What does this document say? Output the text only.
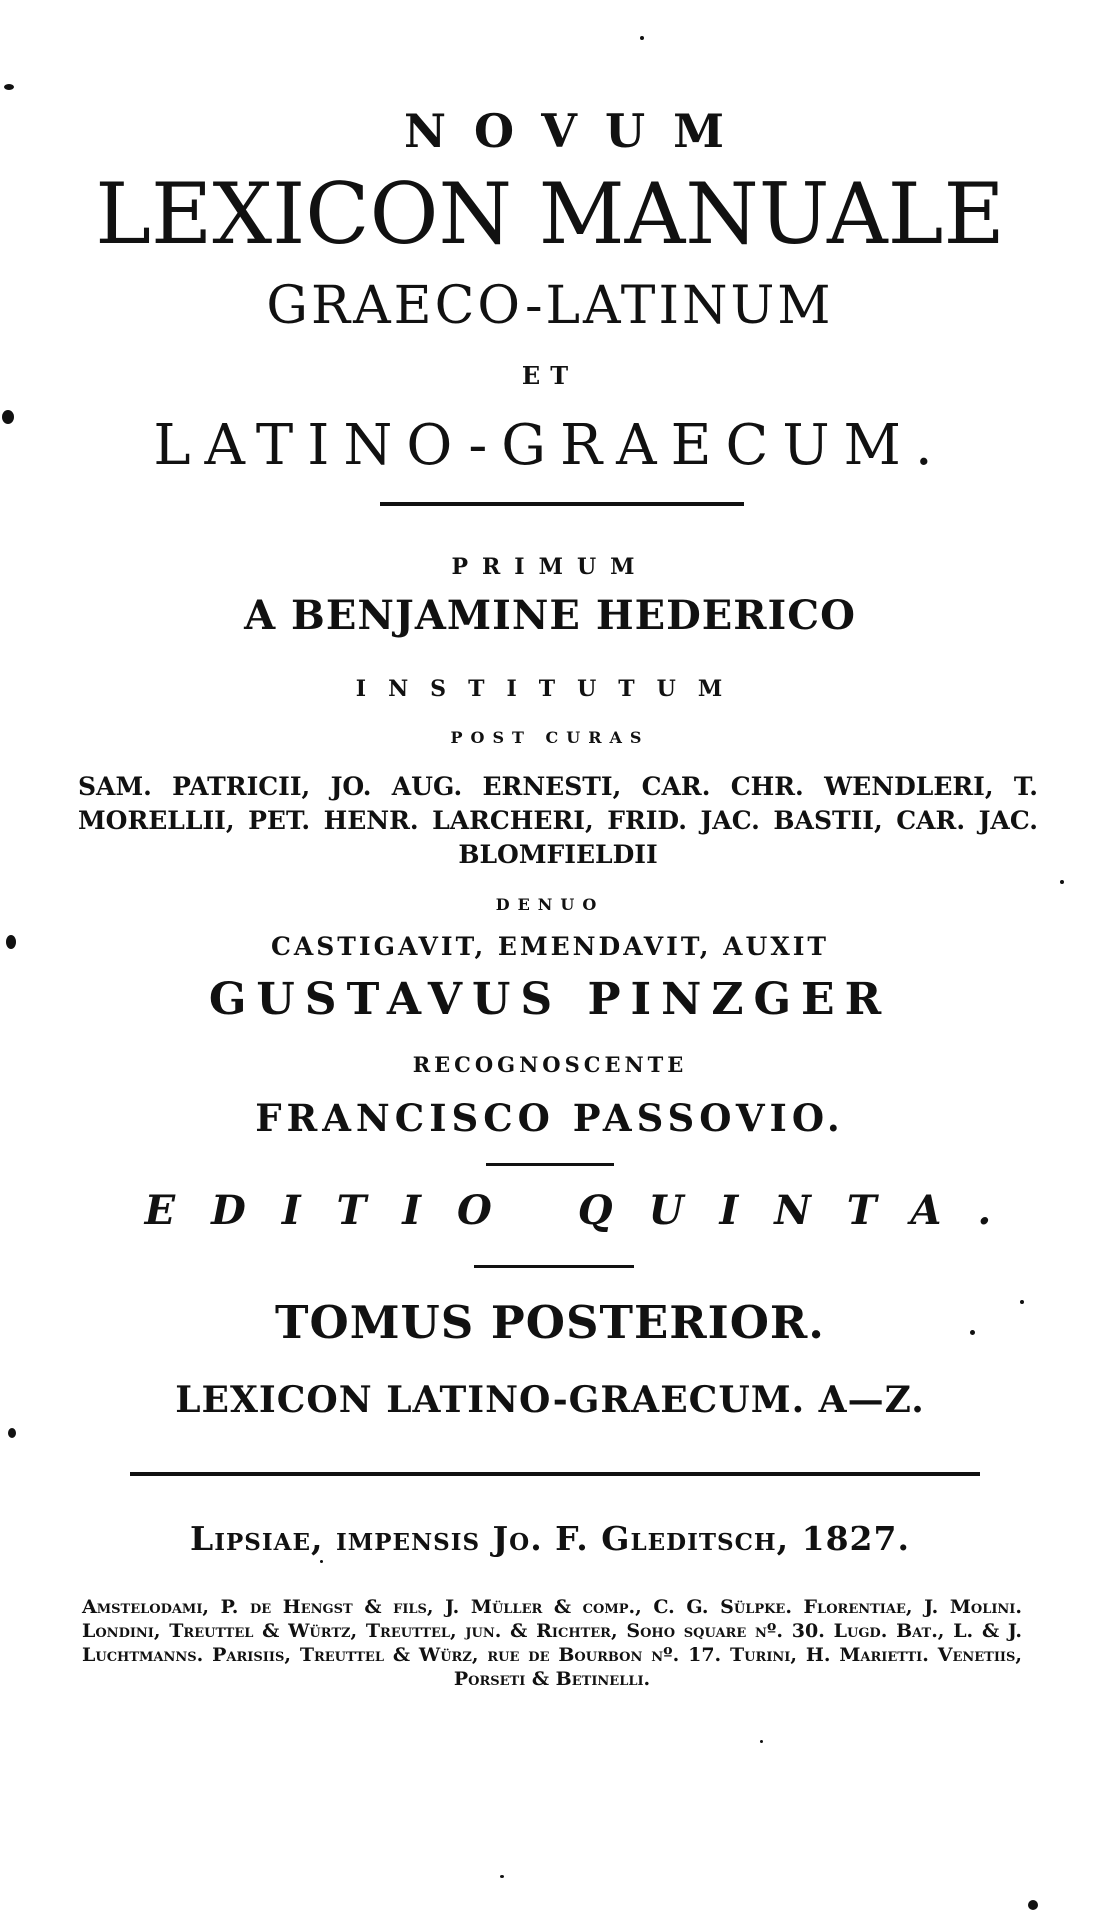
NOVUM
LEXICON MANUALE
GRAECO-LATINUM
ET
LATINO-GRAECUM.
PRIMUM
A BENJAMINE HEDERICO
INSTITUTUM
POST CURAS
SAM. PATRICII, JO. AUG. ERNESTI, CAR. CHR. WENDLERI, T. MORELLII, PET. HENR. LARCHERI, FRID. JAC. BASTII, CAR. JAC. BLOMFIELDII
DENUO
CASTIGAVIT, EMENDAVIT, AUXIT
GUSTAVUS PINZGER
RECOGNOSCENTE
FRANCISCO PASSOVIO.
EDITIO QUINTA.
TOMUS POSTERIOR.
LEXICON LATINO-GRAECUM. A—Z.
Lipsiae, impensis Jo. F. Gleditsch, 1827.
Amstelodami, P. de Hengst & fils, J. Müller & comp., C. G. Sülpke. Florentiae, J. Molini. Londini, Treuttel & Würtz, Treuttel, jun. & Richter, Soho square nº. 30. Lugd. Bat., L. & J. Luchtmanns. Parisiis, Treuttel & Würz, rue de Bourbon nº. 17. Turini, H. Marietti. Venetiis, Porseti & Betinelli.
